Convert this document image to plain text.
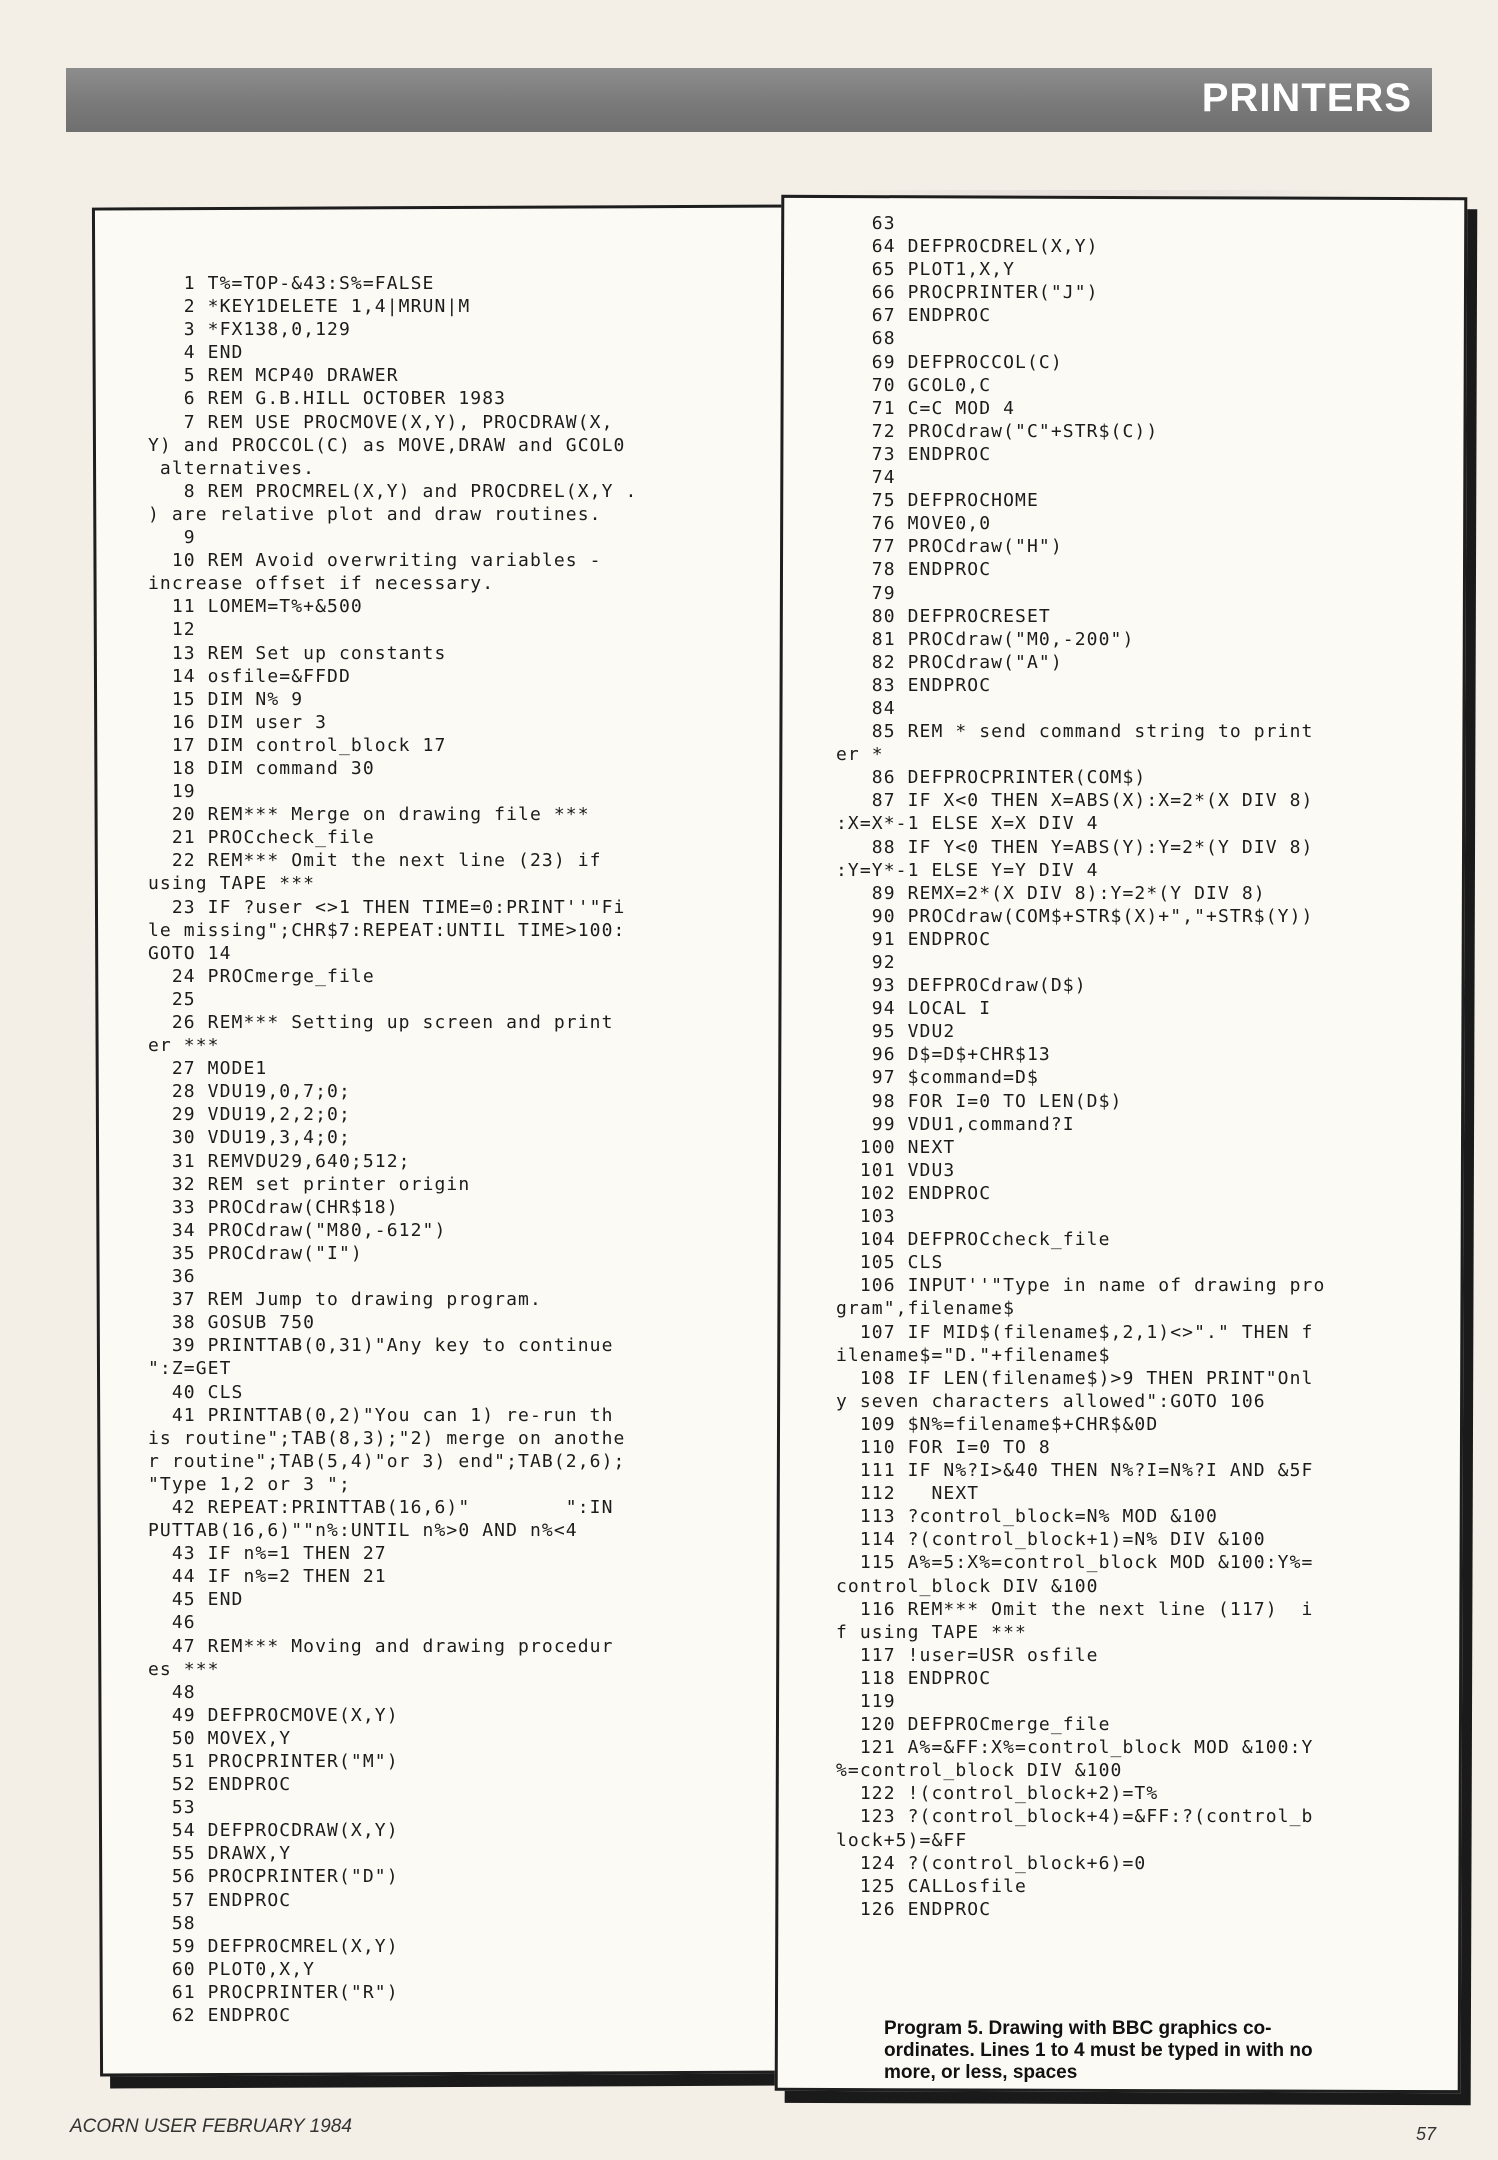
PRINTERS
1 T%=TOP-&43:S%=FALSE
2 *KEY1DELETE 1,4|MRUN|M
3 *FX138,0,129
4 END
5 REM MCP40 DRAWER
6 REM G.B.HILL OCTOBER 1983
7 REM USE PROCMOVE(X,Y), PROCDRAW(X,
Y) and PROCCOL(C) as MOVE,DRAW and GCOL0
alternatives.
8 REM PROCMREL(X,Y) and PROCDREL(X,Y .
) are relative plot and draw routines.
9
10 REM Avoid overwriting variables -
increase offset if necessary.
11 LOMEM=T%+&500
12
13 REM Set up constants
14 osfile=&FFDD
15 DIM N% 9
16 DIM user 3
17 DIM control_block 17
18 DIM command 30
19
20 REM*** Merge on drawing file ***
21 PROCcheck_file
22 REM*** Omit the next line (23) if
using TAPE ***
23 IF ?user <>1 THEN TIME=0:PRINT''"Fi
le missing";CHR$7:REPEAT:UNTIL TIME>100:
GOTO 14
24 PROCmerge_file
25
26 REM*** Setting up screen and print
er ***
27 MODE1
28 VDU19,0,7;0;
29 VDU19,2,2;0;
30 VDU19,3,4;0;
31 REMVDU29,640;512;
32 REM set printer origin
33 PROCdraw(CHR$18)
34 PROCdraw("M80,-612")
35 PROCdraw("I")
36
37 REM Jump to drawing program.
38 GOSUB 750
39 PRINTTAB(0,31)"Any key to continue
":Z=GET
40 CLS
41 PRINTTAB(0,2)"You can 1) re-run th
is routine";TAB(8,3);"2) merge on anothe
r routine";TAB(5,4)"or 3) end";TAB(2,6);
"Type 1,2 or 3 ";
42 REPEAT:PRINTTAB(16,6)"        ":IN
PUTTAB(16,6)""n%:UNTIL n%>0 AND n%<4
43 IF n%=1 THEN 27
44 IF n%=2 THEN 21
45 END
46
47 REM*** Moving and drawing procedur
es ***
48
49 DEFPROCMOVE(X,Y)
50 MOVEX,Y
51 PROCPRINTER("M")
52 ENDPROC
53
54 DEFPROCDRAW(X,Y)
55 DRAWX,Y
56 PROCPRINTER("D")
57 ENDPROC
58
59 DEFPROCMREL(X,Y)
60 PLOT0,X,Y
61 PROCPRINTER("R")
62 ENDPROC
63
64 DEFPROCDREL(X,Y)
65 PLOT1,X,Y
66 PROCPRINTER("J")
67 ENDPROC
68
69 DEFPROCCOL(C)
70 GCOL0,C
71 C=C MOD 4
72 PROCdraw("C"+STR$(C))
73 ENDPROC
74
75 DEFPROCHOME
76 MOVE0,0
77 PROCdraw("H")
78 ENDPROC
79
80 DEFPROCRESET
81 PROCdraw("M0,-200")
82 PROCdraw("A")
83 ENDPROC
84
85 REM * send command string to print
er *
86 DEFPROCPRINTER(COM$)
87 IF X<0 THEN X=ABS(X):X=2*(X DIV 8)
:X=X*-1 ELSE X=X DIV 4
88 IF Y<0 THEN Y=ABS(Y):Y=2*(Y DIV 8)
:Y=Y*-1 ELSE Y=Y DIV 4
89 REMX=2*(X DIV 8):Y=2*(Y DIV 8)
90 PROCdraw(COM$+STR$(X)+","+STR$(Y))
91 ENDPROC
92
93 DEFPROCdraw(D$)
94 LOCAL I
95 VDU2
96 D$=D$+CHR$13
97 $command=D$
98 FOR I=0 TO LEN(D$)
99 VDU1,command?I
100 NEXT
101 VDU3
102 ENDPROC
103
104 DEFPROCcheck_file
105 CLS
106 INPUT''"Type in name of drawing pro
gram",filename$
107 IF MID$(filename$,2,1)<>"." THEN f
ilename$="D."+filename$
108 IF LEN(filename$)>9 THEN PRINT"Onl
y seven characters allowed":GOTO 106
109 $N%=filename$+CHR$&0D
110 FOR I=0 TO 8
111 IF N%?I>&40 THEN N%?I=N%?I AND &5F
112   NEXT
113 ?control_block=N% MOD &100
114 ?(control_block+1)=N% DIV &100
115 A%=5:X%=control_block MOD &100:Y%=
control_block DIV &100
116 REM*** Omit the next line (117)  i
f using TAPE ***
117 !user=USR osfile
118 ENDPROC
119
120 DEFPROCmerge_file
121 A%=&FF:X%=control_block MOD &100:Y
%=control_block DIV &100
122 !(control_block+2)=T%
123 ?(control_block+4)=&FF:?(control_b
lock+5)=&FF
124 ?(control_block+6)=0
125 CALLosfile
126 ENDPROC
Program 5. Drawing with BBC graphics co-ordinates. Lines 1 to 4 must be typed in with no more, or less, spaces
ACORN USER FEBRUARY 1984	57
